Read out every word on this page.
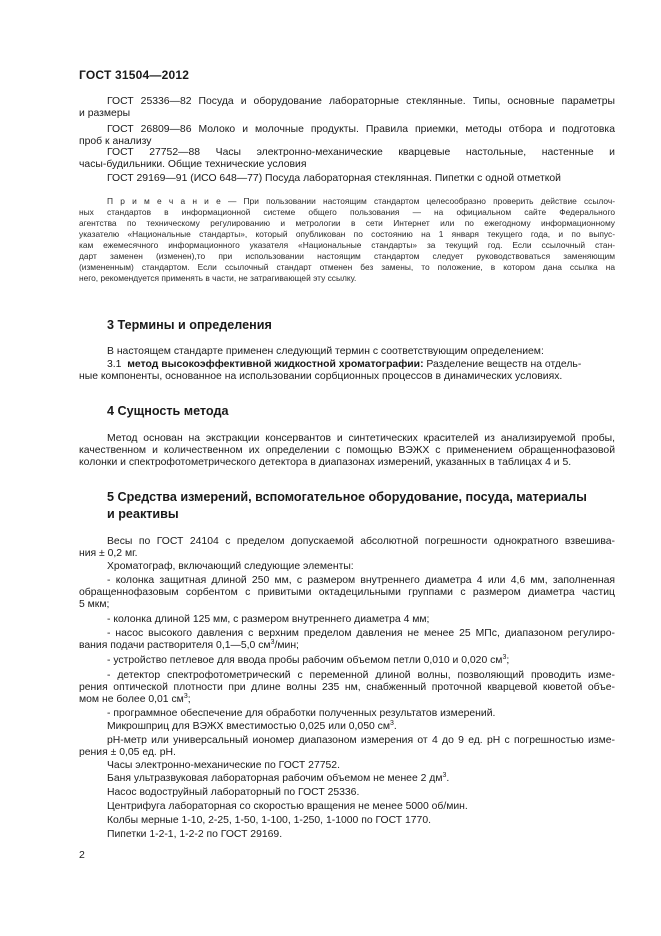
ГОСТ 31504—2012
ГОСТ 25336—82 Посуда и оборудование лабораторные стеклянные. Типы, основные параметры
и размеры
ГОСТ 26809—86 Молоко и молочные продукты. Правила приемки, методы отбора и подготовка
проб к анализу
ГОСТ 27752—88 Часы электронно-механические кварцевые настольные, настенные и
часы-будильники. Общие технические условия
ГОСТ 29169—91 (ИСО 648—77) Посуда лабораторная стеклянная. Пипетки с одной отметкой
П р и м е ч а н и е — При пользовании настоящим стандартом целесообразно проверить действие ссылоч-
ных стандартов в информационной системе общего пользования — на официальном сайте Федерального
агентства по техническому регулированию и метрологии в сети Интернет или по ежегодному информационному
указателю «Национальные стандарты», который опубликован по состоянию на 1 января текущего года, и по выпус-
кам ежемесячного информационного указателя «Национальные стандарты» за текущий год. Если ссылочный стан-
дарт заменен (изменен),то при использовании настоящим стандартом следует руководствоваться заменяющим
(измененным) стандартом. Если ссылочный стандарт отменен без замены, то положение, в котором дана ссылка на
него, рекомендуется применять в части, не затрагивающей эту ссылку.
3 Термины и определения
В настоящем стандарте применен следующий термин с соответствующим определением:
3.1 метод высокоэффективной жидкостной хроматографии: Разделение веществ на отдель-
ные компоненты, основанное на использовании сорбционных процессов в динамических условиях.
4 Сущность метода
Метод основан на экстракции консервантов и синтетических красителей из анализируемой пробы,
качественном и количественном их определении с помощью ВЭЖХ с применением обращеннофазовой
колонки и спектрофотометрического детектора в диапазонах измерений, указанных в таблицах 4 и 5.
5 Средства измерений, вспомогательное оборудование, посуда, материалы
и реактивы
Весы по ГОСТ 24104 с пределом допускаемой абсолютной погрешности однократного взвешива-
ния ± 0,2 мг.
Хроматограф, включающий следующие элементы:
- колонка защитная длиной 250 мм, с размером внутреннего диаметра 4 или 4,6 мм, заполненная
обращеннофазовым сорбентом с привитыми октадецильными группами с размером диаметра частиц
5 мкм;
- колонка длиной 125 мм, с размером внутреннего диаметра 4 мм;
- насос высокого давления с верхним пределом давления не менее 25 МПс, диапазоном регулиро-
вания подачи растворителя 0,1—5,0 $см^3$/мин;
- устройство петлевое для ввода пробы рабочим объемом петли 0,010 и 0,020 $см^3$;
- детектор спектрофотометрический с переменной длиной волны, позволяющий проводить изме-
рения оптической плотности при длине волны 235 нм, снабженный проточной кварцевой кюветой объе-
мом не более 0,01 $см^3$;
- программное обеспечение для обработки полученных результатов измерений.
Микрошприц для ВЭЖХ вместимостью 0,025 или 0,050 $см^3$.
pH-метр или универсальный иономер диапазоном измерения от 4 до 9 ед. pH с погрешностью изме-
рения ± 0,05 ед. pH.
Часы электронно-механические по ГОСТ 27752.
Баня ультразвуковая лабораторная рабочим объемом не менее 2 $дм^3$.
Насос водоструйный лабораторный по ГОСТ 25336.
Центрифуга лабораторная со скоростью вращения не менее 5000 об/мин.
Колбы мерные 1-10, 2-25, 1-50, 1-100, 1-250, 1-1000 по ГОСТ 1770.
Пипетки 1-2-1, 1-2-2 по ГОСТ 29169.
2
